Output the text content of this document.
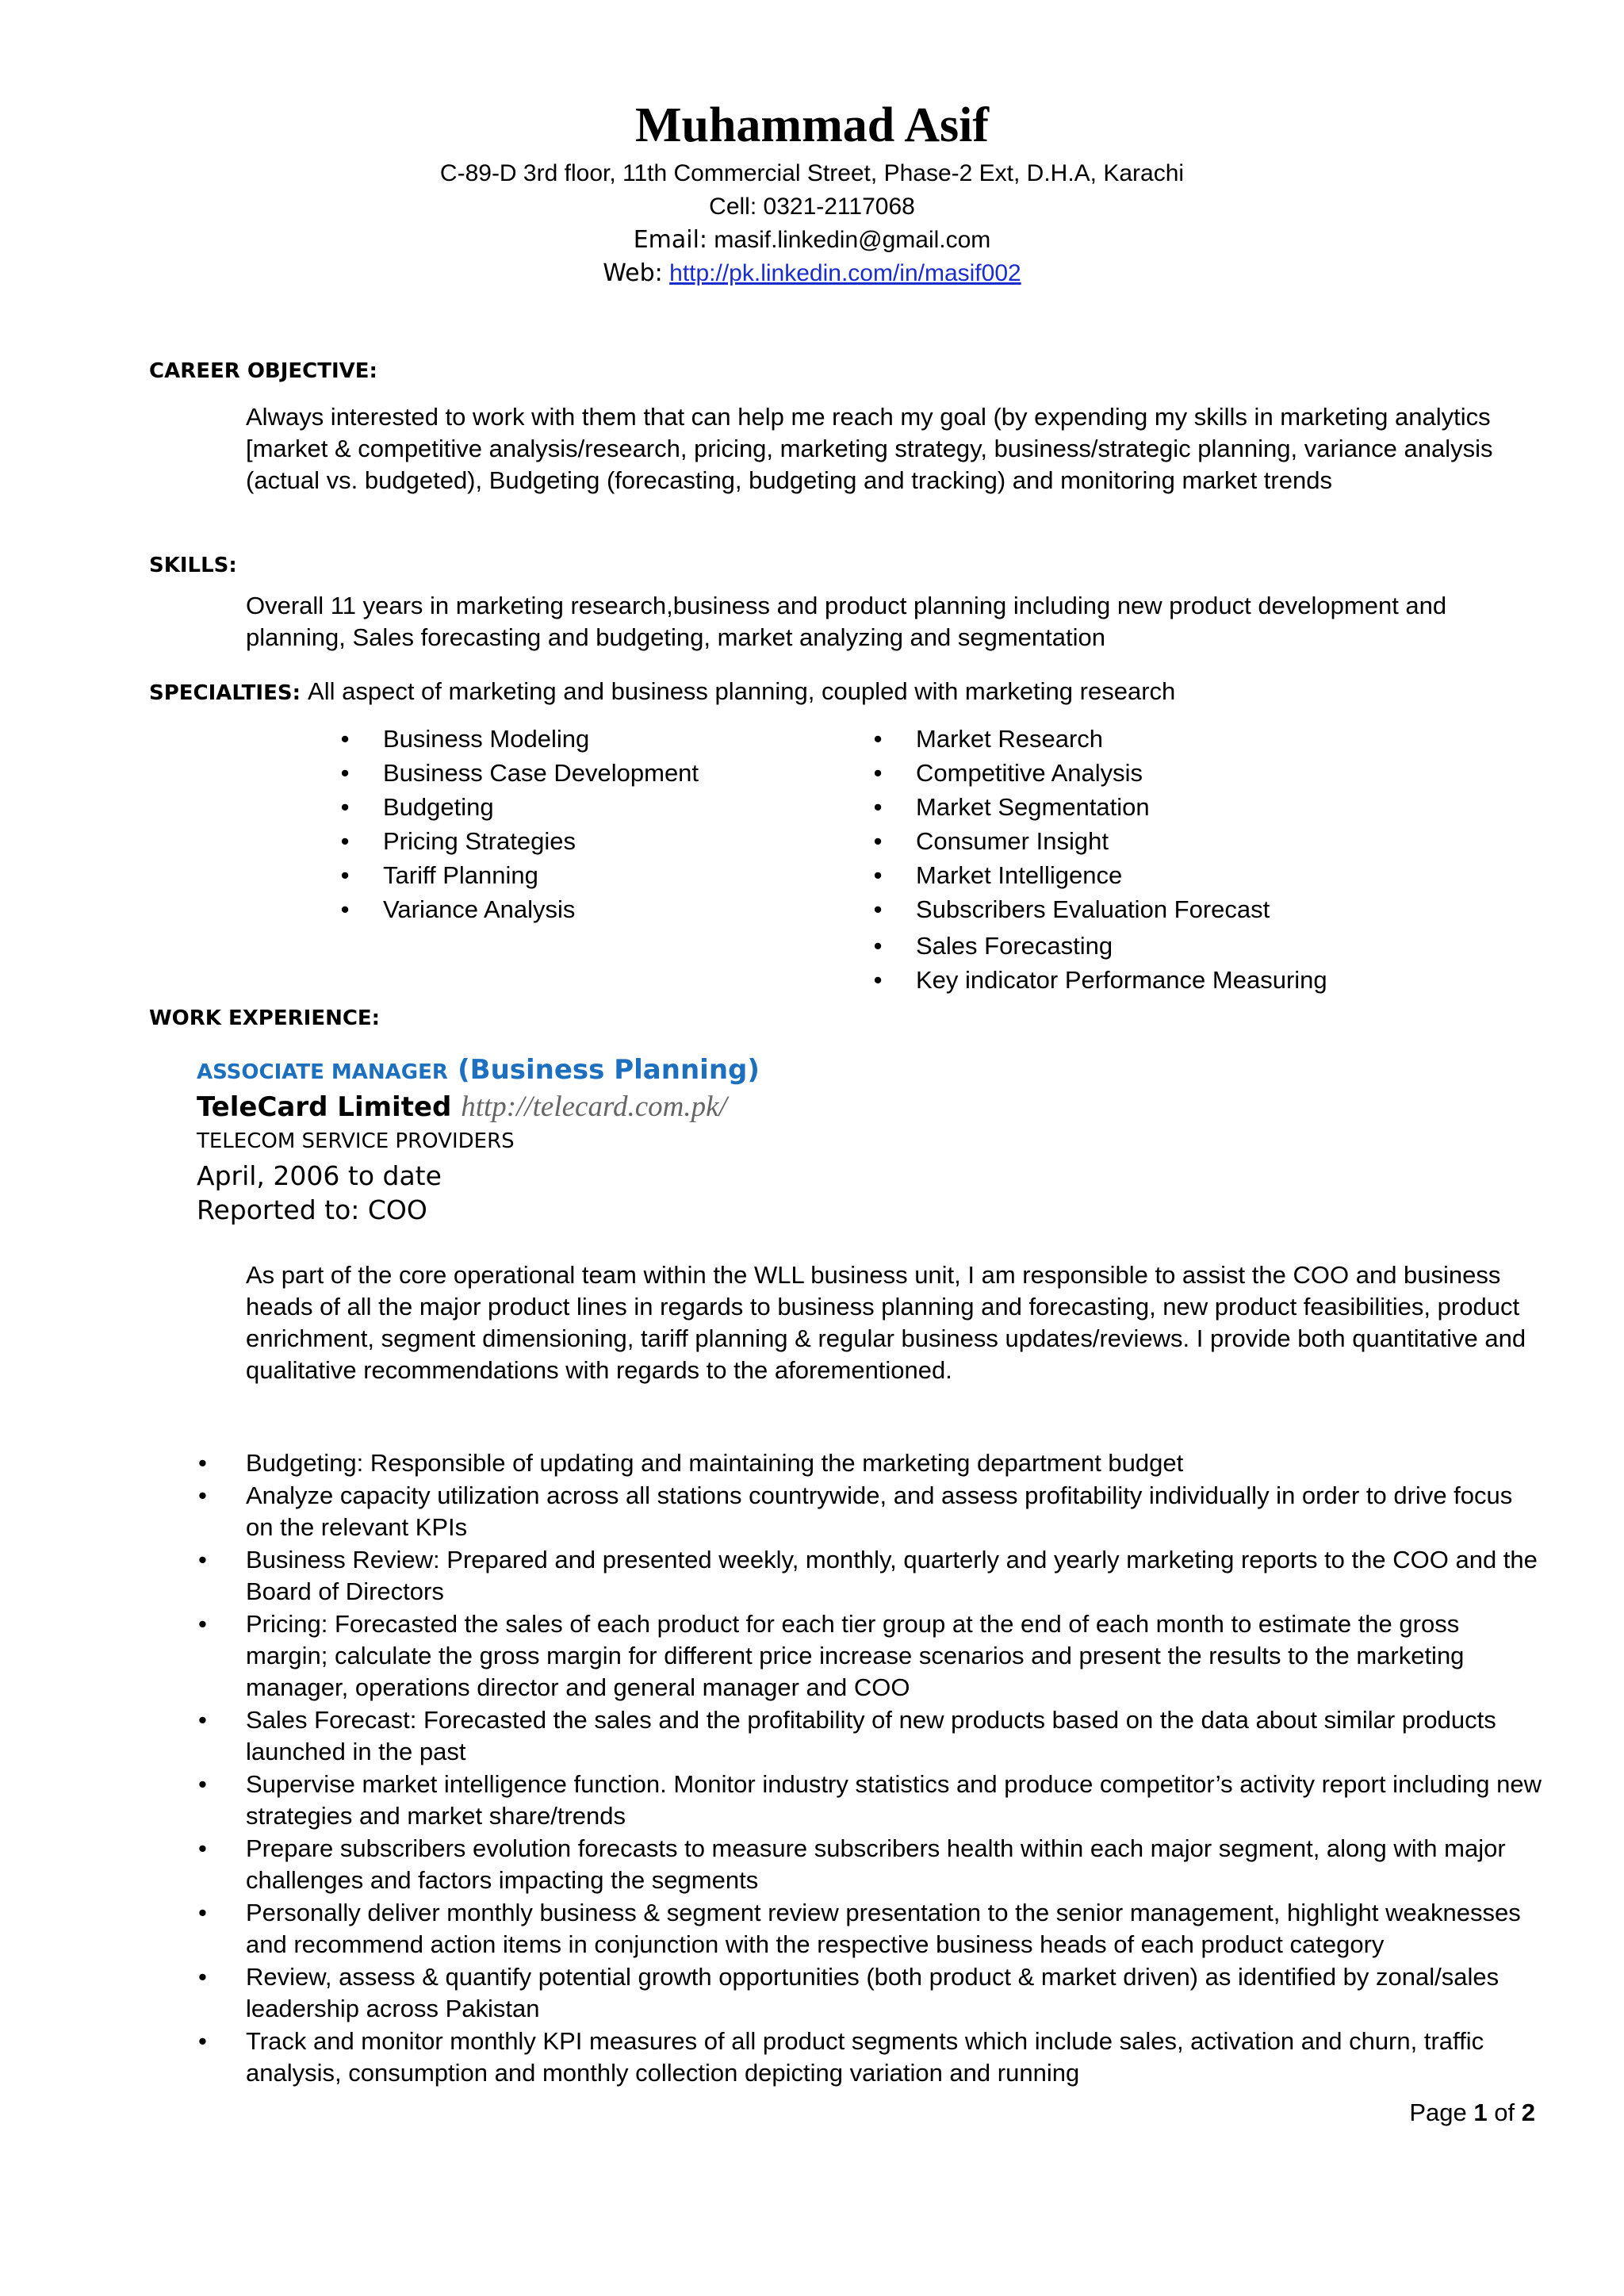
Muhammad Asif
C-89-D 3rd floor, 11th Commercial Street, Phase-2 Ext, D.H.A, Karachi
Cell: 0321-2117068
Email: masif.linkedin@gmail.com
Web: http://pk.linkedin.com/in/masif002
CAREER OBJECTIVE:

Always interested to work with them that can help me reach my goal (by expending my skills in marketing analytics [market & competitive analysis/research, pricing, marketing strategy, business/strategic planning, variance analysis (actual vs. budgeted), Budgeting (forecasting, budgeting and tracking) and monitoring market trends

SKILLS:

Overall 11 years in marketing research,business and product planning including new product development and planning, Sales forecasting and budgeting, market analyzing and segmentation

SPECIALTIES: All aspect of marketing and business planning, coupled with marketing research
• Business Modeling
• Business Case Development
• Budgeting
• Pricing Strategies
• Tariff Planning
• Variance Analysis
• Market Research
• Competitive Analysis
• Market Segmentation
• Consumer Insight
• Market Intelligence
• Subscribers Evaluation Forecast
• Sales Forecasting
• Key indicator Performance Measuring
WORK EXPERIENCE:
ASSOCIATE MANAGER (Business Planning)
TeleCard Limited http://telecard.com.pk/
TELECOM SERVICE PROVIDERS
April, 2006 to date
Reported to: COO

As part of the core operational team within the WLL business unit, I am responsible to assist the COO and business heads of all the major product lines in regards to business planning and forecasting, new product feasibilities, product enrichment, segment dimensioning, tariff planning & regular business updates/reviews. I provide both quantitative and qualitative recommendations with regards to the aforementioned.

• Budgeting: Responsible of updating and maintaining the marketing department budget
• Analyze capacity utilization across all stations countrywide, and assess profitability individually in order to drive focus on the relevant KPIs
• Business Review: Prepared and presented weekly, monthly, quarterly and yearly marketing reports to the COO and the Board of Directors
• Pricing: Forecasted the sales of each product for each tier group at the end of each month to estimate the gross margin; calculate the gross margin for different price increase scenarios and present the results to the marketing manager, operations director and general manager and COO
• Sales Forecast: Forecasted the sales and the profitability of new products based on the data about similar products launched in the past
• Supervise market intelligence function. Monitor industry statistics and produce competitor’s activity report including new strategies and market share/trends
• Prepare subscribers evolution forecasts to measure subscribers health within each major segment, along with major challenges and factors impacting the segments
• Personally deliver monthly business & segment review presentation to the senior management, highlight weaknesses and recommend action items in conjunction with the respective business heads of each product category
• Review, assess & quantify potential growth opportunities (both product & market driven) as identified by zonal/sales leadership across Pakistan
• Track and monitor monthly KPI measures of all product segments which include sales, activation and churn, traffic analysis, consumption and monthly collection depicting variation and running
Page 1 of 2
